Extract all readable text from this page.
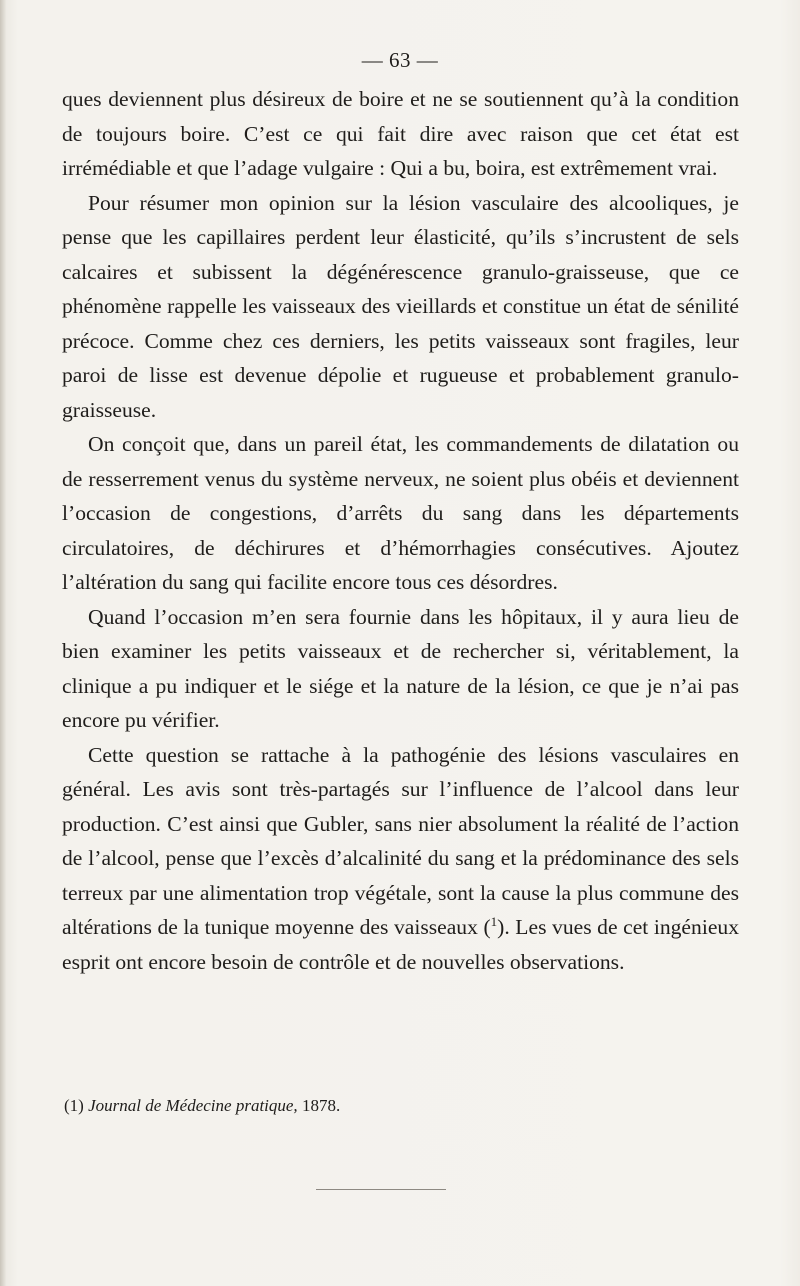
— 63 —

ques deviennent plus désireux de boire et ne se soutiennent qu’à la condition de toujours boire. C’est ce qui fait dire avec raison que cet état est irrémédiable et que l’adage vulgaire : Qui a bu, boira, est extrêmement vrai.

Pour résumer mon opinion sur la lésion vasculaire des alcooliques, je pense que les capillaires perdent leur élasticité, qu’ils s’incrustent de sels calcaires et subissent la dégénérescence granulo-graisseuse, que ce phénomène rappelle les vaisseaux des vieillards et constitue un état de sénilité précoce. Comme chez ces derniers, les petits vaisseaux sont fragiles, leur paroi de lisse est devenue dépolie et rugueuse et probablement granulo-graisseuse.

On conçoit que, dans un pareil état, les commandements de dilatation ou de resserrement venus du système nerveux, ne soient plus obéis et deviennent l’occasion de congestions, d’arrêts du sang dans les départements circulatoires, de déchirures et d’hémorrhagies consécutives. Ajoutez l’altération du sang qui facilite encore tous ces désordres.

Quand l’occasion m’en sera fournie dans les hôpitaux, il y aura lieu de bien examiner les petits vaisseaux et de rechercher si, véritablement, la clinique a pu indiquer et le siége et la nature de la lésion, ce que je n’ai pas encore pu vérifier.

Cette question se rattache à la pathogénie des lésions vasculaires en général. Les avis sont très-partagés sur l’influence de l’alcool dans leur production. C’est ainsi que Gubler, sans nier absolument la réalité de l’action de l’alcool, pense que l’excès d’alcalinité du sang et la prédominance des sels terreux par une alimentation trop végétale, sont la cause la plus commune des altérations de la tunique moyenne des vaisseaux ($^1$). Les vues de cet ingénieux esprit ont encore besoin de contrôle et de nouvelles observations.

(1) Journal de Médecine pratique, 1878.
